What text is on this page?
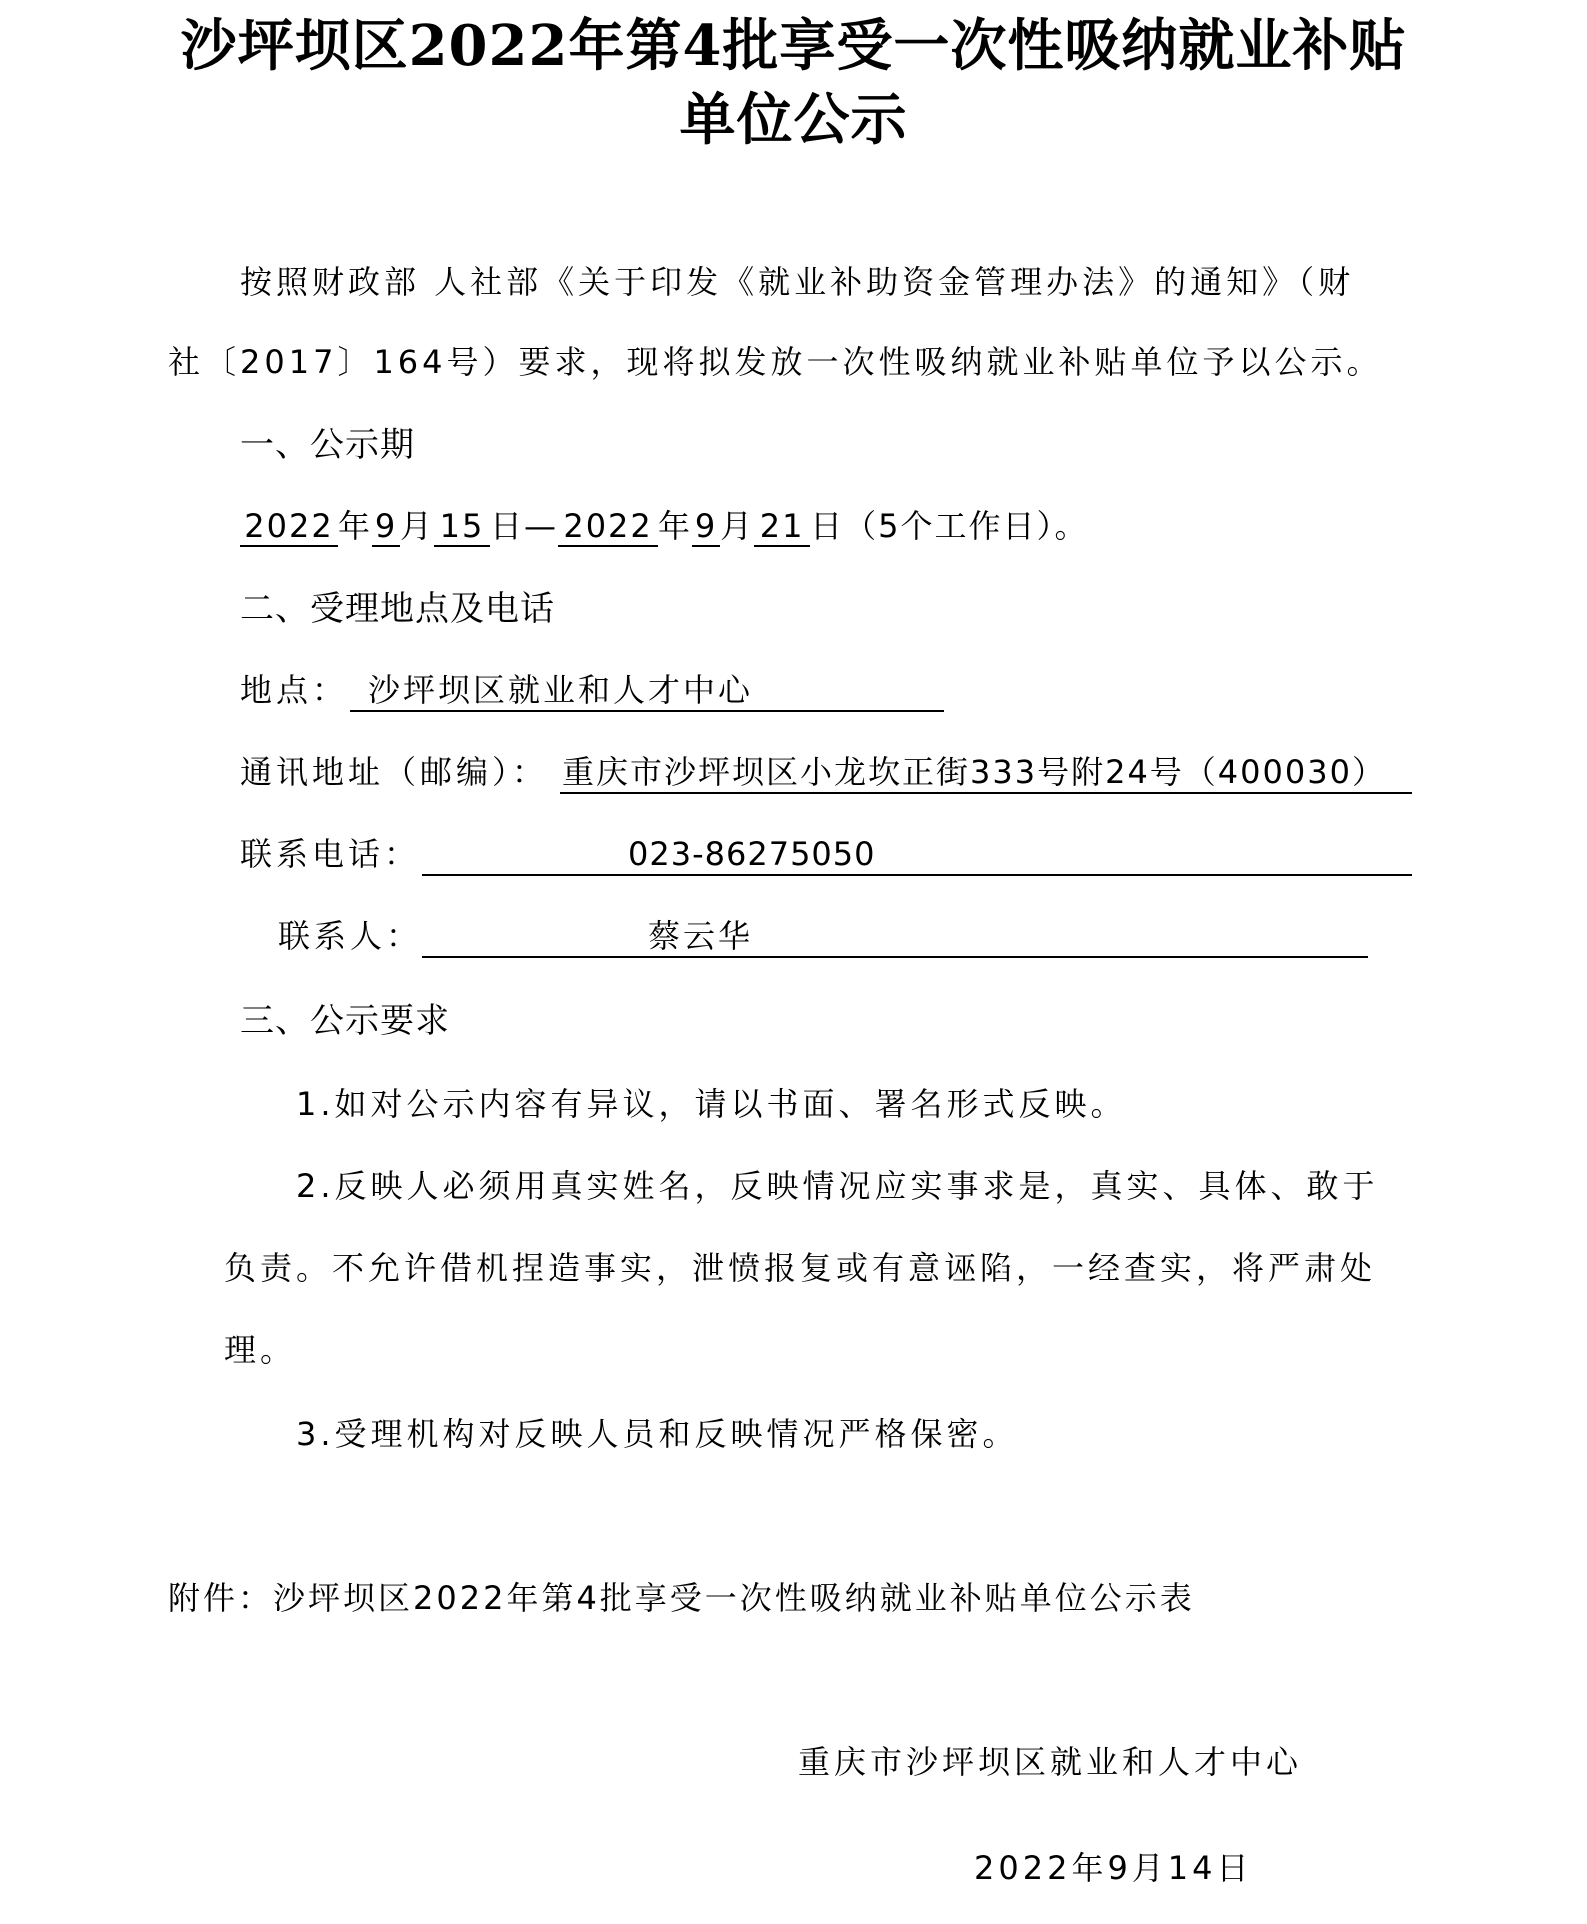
沙坪坝区2022年第4批享受一次性吸纳就业补贴
单位公示
按照财政部 人社部《关于印发《就业补助资金管理办法》的通知》（财
社〔2017〕164号）要求，现将拟发放一次性吸纳就业补贴单位予以公示。
一、公示期
2022 年9月 15 日— 2022 年9月 21 日（5个工作日）。
二、受理地点及电话
地点： 沙坪坝区就业和人才中心
通讯地址（邮编）： 重庆市沙坪坝区小龙坎正街333号附24号（400030）
联系电话：	023-86275050
联系人：	蔡云华
三、公示要求
1.如对公示内容有异议，请以书面、署名形式反映。
2.反映人必须用真实姓名，反映情况应实事求是，真实、具体、敢于
负责。不允许借机捏造事实，泄愤报复或有意诬陷，一经查实，将严肃处
理。
3.受理机构对反映人员和反映情况严格保密。
附件：沙坪坝区2022年第4批享受一次性吸纳就业补贴单位公示表
重庆市沙坪坝区就业和人才中心
2022年9月14日
